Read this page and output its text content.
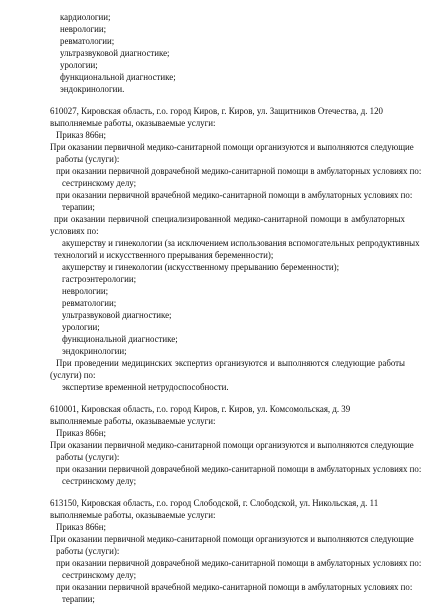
кардиологии;
неврологии;
ревматологии;
ультразвуковой диагностике;
урологии;
функциональной диагностике;
эндокринологии.
610027, Кировская область, г.о. город Киров, г. Киров, ул. Защитников Отечества, д. 120
выполняемые работы, оказываемые услуги:
Приказ 866н;
При оказании первичной медико-санитарной помощи организуются и выполняются следующие
работы (услуги):
при оказании первичной доврачебной медико-санитарной помощи в амбулаторных условиях по:
сестринскому делу;
при оказании первичной врачебной медико-санитарной помощи в амбулаторных условиях по:
терапии;
при оказании первичной специализированной медико-санитарной помощи в амбулаторных
условиях по:
акушерству и гинекологии (за исключением использования вспомогательных репродуктивных
технологий и искусственного прерывания беременности);
акушерству и гинекологии (искусственному прерыванию беременности);
гастроэнтерологии;
неврологии;
ревматологии;
ультразвуковой диагностике;
урологии;
функциональной диагностике;
эндокринологии;
При проведении медицинских экспертиз организуются и выполняются следующие работы
(услуги) по:
экспертизе временной нетрудоспособности.
610001, Кировская область, г.о. город Киров, г. Киров, ул. Комсомольская, д. 39
выполняемые работы, оказываемые услуги:
Приказ 866н;
При оказании первичной медико-санитарной помощи организуются и выполняются следующие
работы (услуги):
при оказании первичной доврачебной медико-санитарной помощи в амбулаторных условиях по:
сестринскому делу;
613150, Кировская область, г.о. город Слободской, г. Слободской, ул. Никольская, д. 11
выполняемые работы, оказываемые услуги:
Приказ 866н;
При оказании первичной медико-санитарной помощи организуются и выполняются следующие
работы (услуги):
при оказании первичной доврачебной медико-санитарной помощи в амбулаторных условиях по:
сестринскому делу;
при оказании первичной врачебной медико-санитарной помощи в амбулаторных условиях по:
терапии;
